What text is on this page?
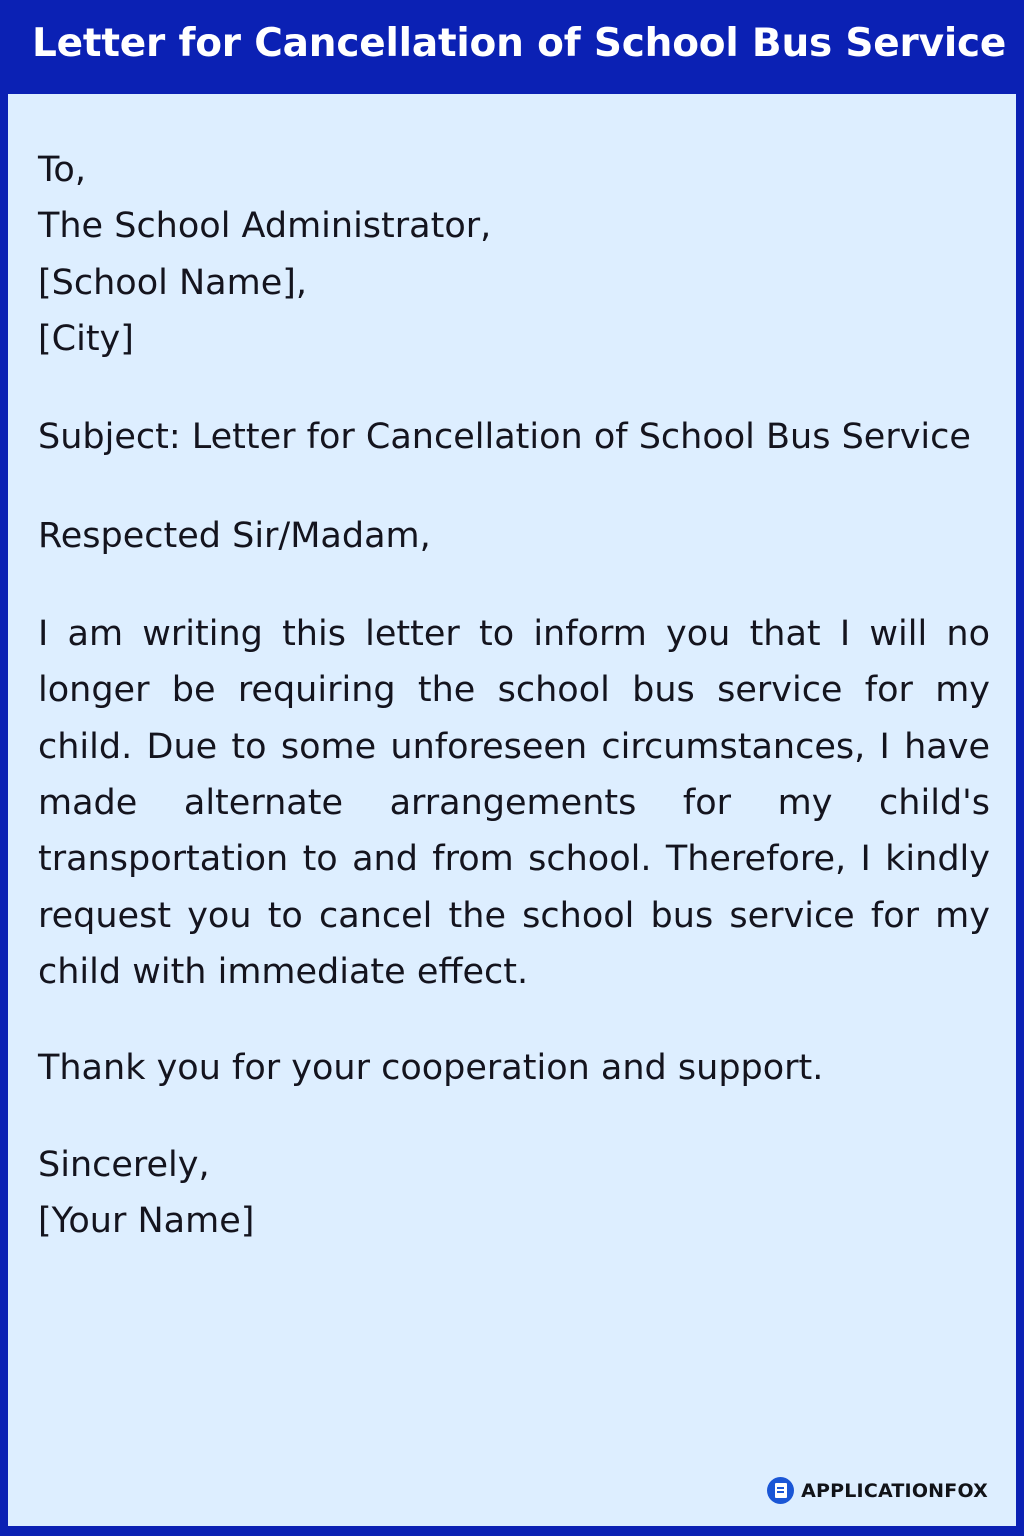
Letter for Cancellation of School Bus Service
To,
The School Administrator,
[School Name],
[City]
Subject: Letter for Cancellation of School Bus Service
Respected Sir/Madam,
I am writing this letter to inform you that I will no longer be requiring the school bus service for my child. Due to some unforeseen circumstances, I have made alternate arrangements for my child's transportation to and from school. Therefore, I kindly request you to cancel the school bus service for my child with immediate effect.
Thank you for your cooperation and support.
Sincerely,
[Your Name]
APPLICATIONFOX
